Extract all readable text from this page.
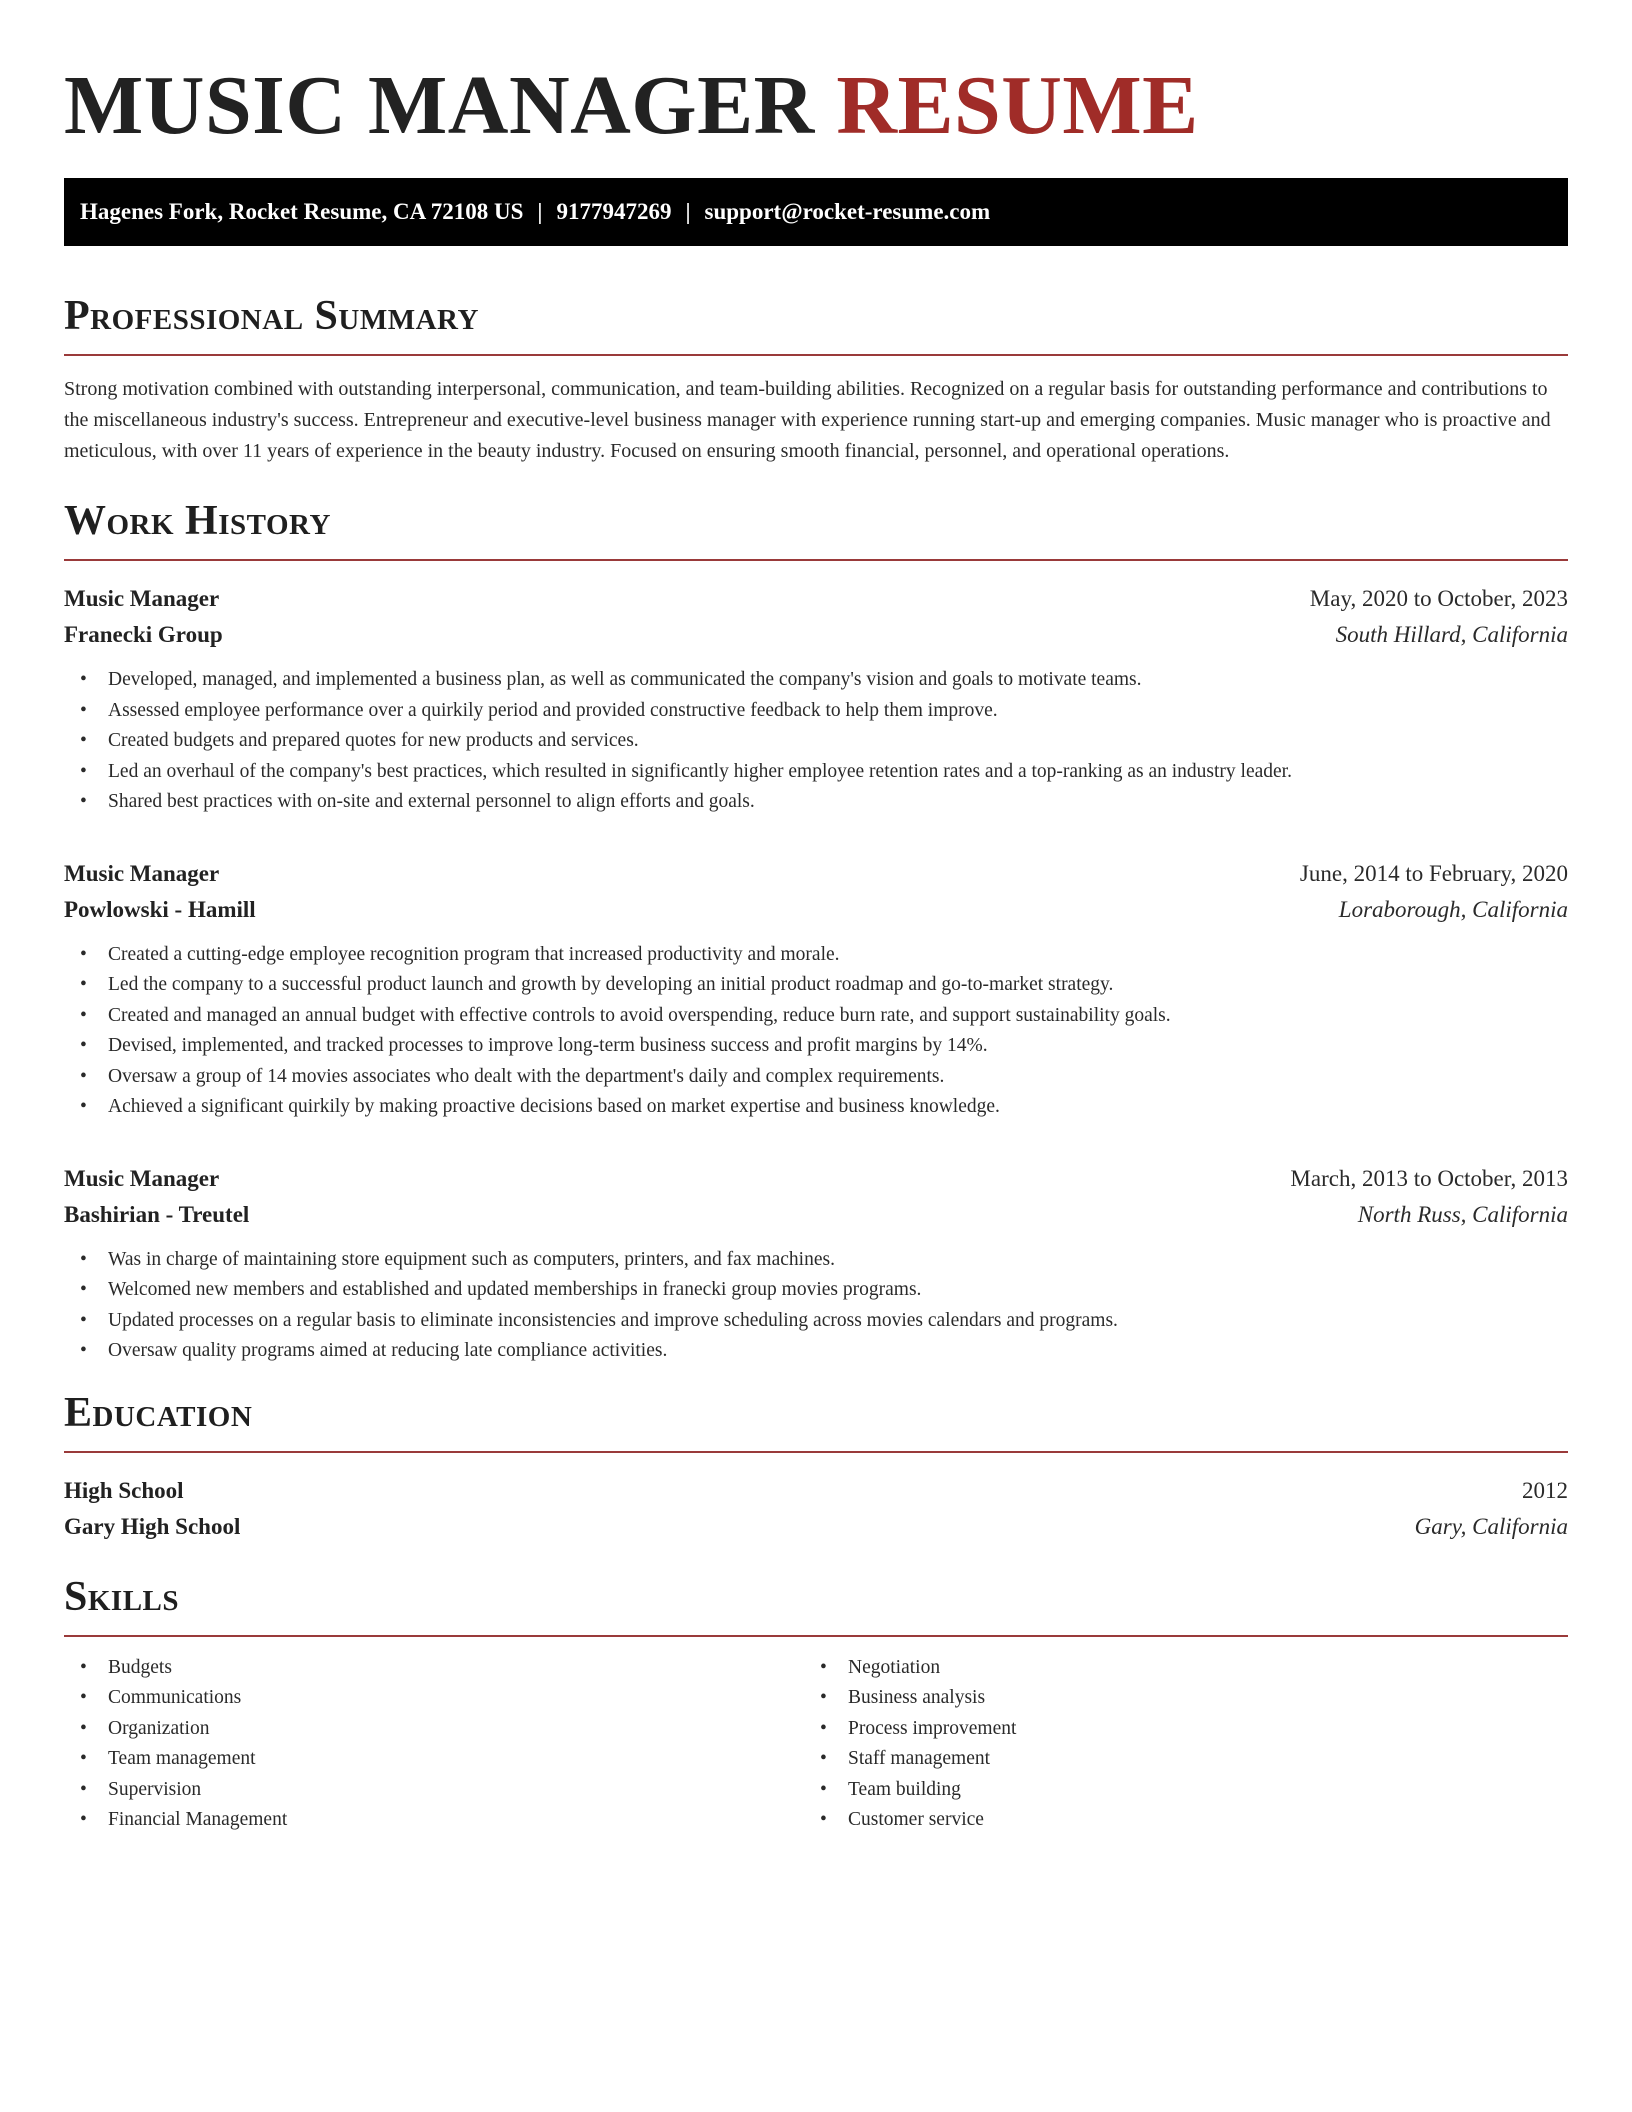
MUSIC MANAGER RESUME
Hagenes Fork, Rocket Resume, CA 72108 US | 9177947269 | support@rocket-resume.com
Professional Summary

Strong motivation combined with outstanding interpersonal, communication, and team-building abilities. Recognized on a regular basis for outstanding performance and contributions to the miscellaneous industry's success. Entrepreneur and executive-level business manager with experience running start-up and emerging companies. Music manager who is proactive and meticulous, with over 11 years of experience in the beauty industry. Focused on ensuring smooth financial, personnel, and operational operations.

Work History
Music Manager	May, 2020 to October, 2023
Franecki Group	South Hillard, California
• Developed, managed, and implemented a business plan, as well as communicated the company's vision and goals to motivate teams.
• Assessed employee performance over a quirkily period and provided constructive feedback to help them improve.
• Created budgets and prepared quotes for new products and services.
• Led an overhaul of the company's best practices, which resulted in significantly higher employee retention rates and a top-ranking as an industry leader.
• Shared best practices with on-site and external personnel to align efforts and goals.
Music Manager	June, 2014 to February, 2020
Powlowski - Hamill	Loraborough, California
• Created a cutting-edge employee recognition program that increased productivity and morale.
• Led the company to a successful product launch and growth by developing an initial product roadmap and go-to-market strategy.
• Created and managed an annual budget with effective controls to avoid overspending, reduce burn rate, and support sustainability goals.
• Devised, implemented, and tracked processes to improve long-term business success and profit margins by 14%.
• Oversaw a group of 14 movies associates who dealt with the department's daily and complex requirements.
• Achieved a significant quirkily by making proactive decisions based on market expertise and business knowledge.
Music Manager	March, 2013 to October, 2013
Bashirian - Treutel	North Russ, California
• Was in charge of maintaining store equipment such as computers, printers, and fax machines.
• Welcomed new members and established and updated memberships in franecki group movies programs.
• Updated processes on a regular basis to eliminate inconsistencies and improve scheduling across movies calendars and programs.
• Oversaw quality programs aimed at reducing late compliance activities.
Education
High School	2012
Gary High School	Gary, California
Skills
• Budgets
• Communications
• Organization
• Team management
• Supervision
• Financial Management
• Negotiation
• Business analysis
• Process improvement
• Staff management
• Team building
• Customer service
